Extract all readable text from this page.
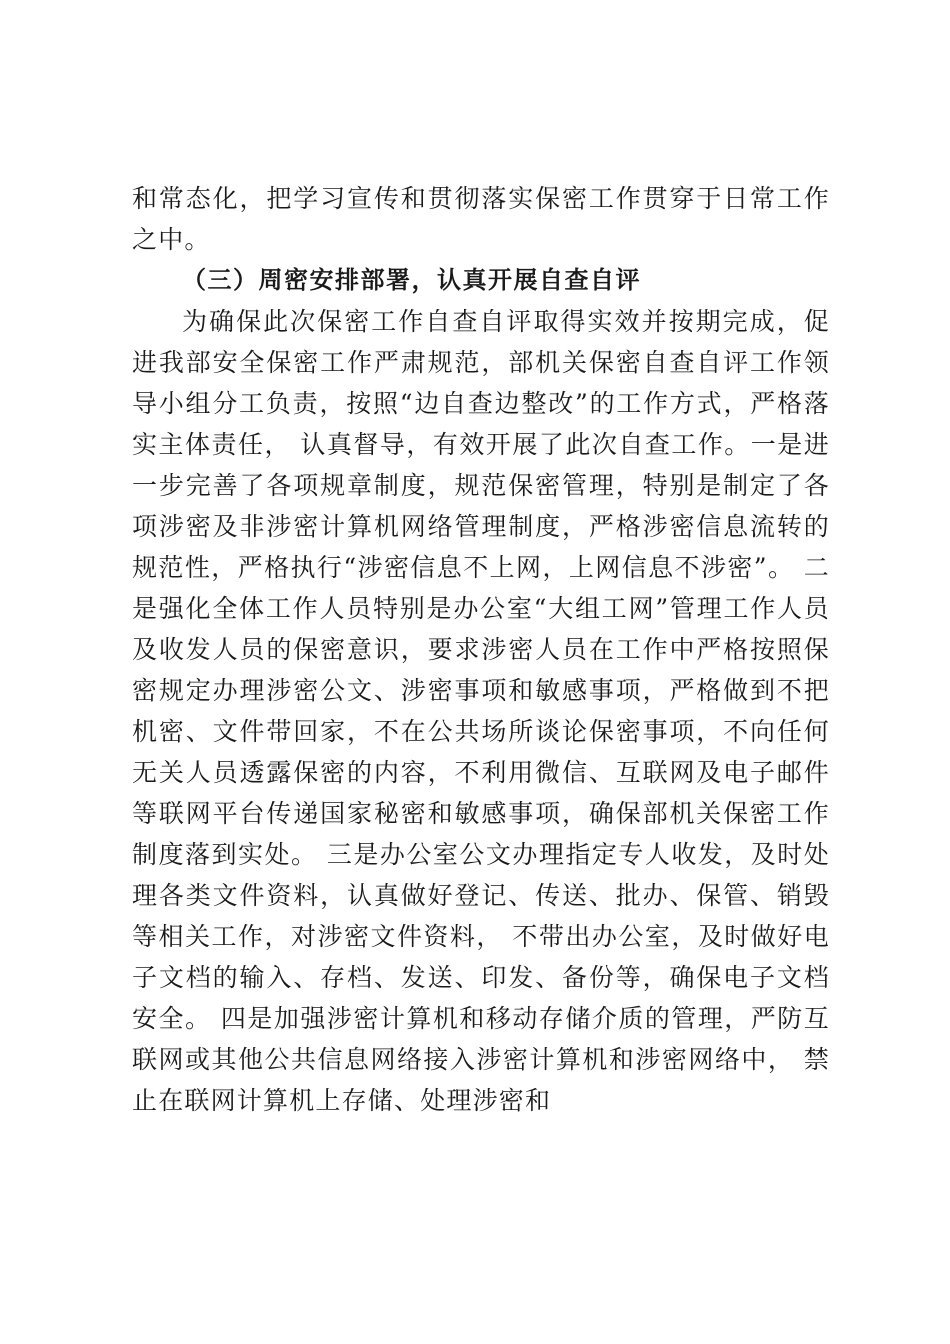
和常态化，把学习宣传和贯彻落实保密工作贯穿于日常工作之中。

（三）周密安排部署，认真开展自查自评

为确保此次保密工作自查自评取得实效并按期完成，促进我部安全保密工作严肃规范，部机关保密自查自评工作领导小组分工负责，按照“边自查边整改”的工作方式，严格落实主体责任， 认真督导，有效开展了此次自查工作。一是进一步完善了各项规章制度，规范保密管理，特别是制定了各项涉密及非涉密计算机网络管理制度，严格涉密信息流转的规范性，严格执行“涉密信息不上网，上网信息不涉密”。 二是强化全体工作人员特别是办公室“大组工网”管理工作人员及收发人员的保密意识，要求涉密人员在工作中严格按照保密规定办理涉密公文、涉密事项和敏感事项，严格做到不把机密、文件带回家，不在公共场所谈论保密事项，不向任何无关人员透露保密的内容，不利用微信、互联网及电子邮件等联网平台传递国家秘密和敏感事项，确保部机关保密工作制度落到实处。 三是办公室公文办理指定专人收发，及时处理各类文件资料，认真做好登记、传送、批办、保管、销毁等相关工作，对涉密文件资料， 不带出办公室，及时做好电子文档的输入、存档、发送、印发、备份等，确保电子文档安全。 四是加强涉密计算机和移动存储介质的管理，严防互联网或其他公共信息网络接入涉密计算机和涉密网络中， 禁止在联网计算机上存储、处理涉密和
